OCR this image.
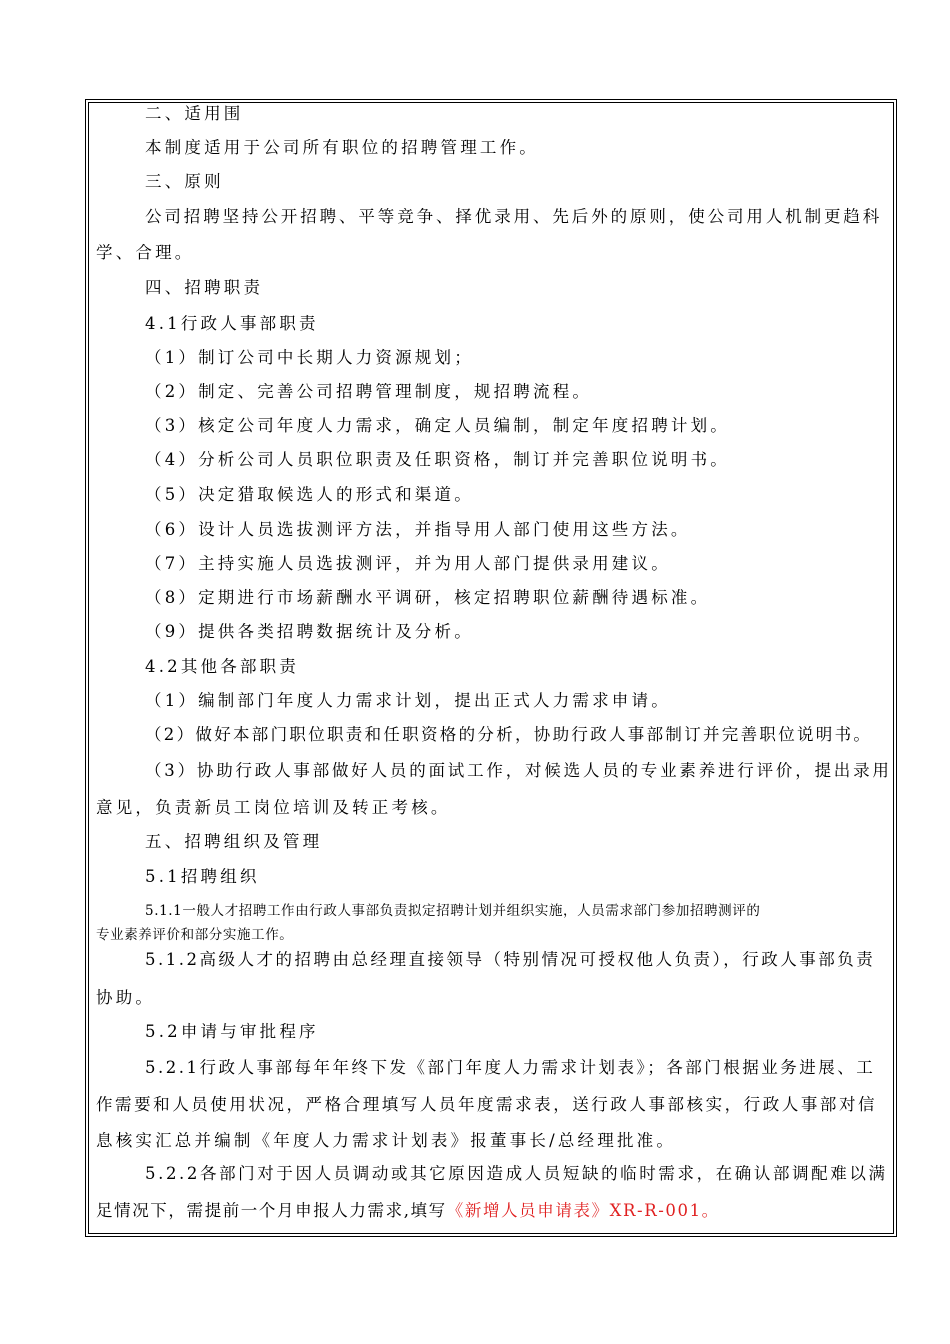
二、适用围
本制度适用于公司所有职位的招聘管理工作。
三、原则
公司招聘坚持公开招聘、平等竞争、择优录用、先后外的原则，使公司用人机制更趋科
学、合理。
四、招聘职责
4.1行政人事部职责
（1）制订公司中长期人力资源规划；
（2）制定、完善公司招聘管理制度，规招聘流程。
（3）核定公司年度人力需求，确定人员编制，制定年度招聘计划。
（4）分析公司人员职位职责及任职资格，制订并完善职位说明书。
（5）决定猎取候选人的形式和渠道。
（6）设计人员选拔测评方法，并指导用人部门使用这些方法。
（7）主持实施人员选拔测评，并为用人部门提供录用建议。
（8）定期进行市场薪酬水平调研，核定招聘职位薪酬待遇标准。
（9）提供各类招聘数据统计及分析。
4.2其他各部职责
（1）编制部门年度人力需求计划，提出正式人力需求申请。
（2）做好本部门职位职责和任职资格的分析，协助行政人事部制订并完善职位说明书。
（3）协助行政人事部做好人员的面试工作，对候选人员的专业素养进行评价，提出录用
意见，负责新员工岗位培训及转正考核。
五、招聘组织及管理
5.1招聘组织
5.1.1一般人才招聘工作由行政人事部负责拟定招聘计划并组织实施，人员需求部门参加招聘测评的
专业素养评价和部分实施工作。
5.1.2高级人才的招聘由总经理直接领导（特别情况可授权他人负责），行政人事部负责
协助。
5.2申请与审批程序
5.2.1行政人事部每年年终下发《部门年度人力需求计划表》；各部门根据业务进展、工
作需要和人员使用状况，严格合理填写人员年度需求表，送行政人事部核实，行政人事部对信
息核实汇总并编制《年度人力需求计划表》报董事长/总经理批准。
5.2.2各部门对于因人员调动或其它原因造成人员短缺的临时需求，在确认部调配难以满
足情况下，需提前一个月申报人力需求,填写《新增人员申请表》XR-R-001。
